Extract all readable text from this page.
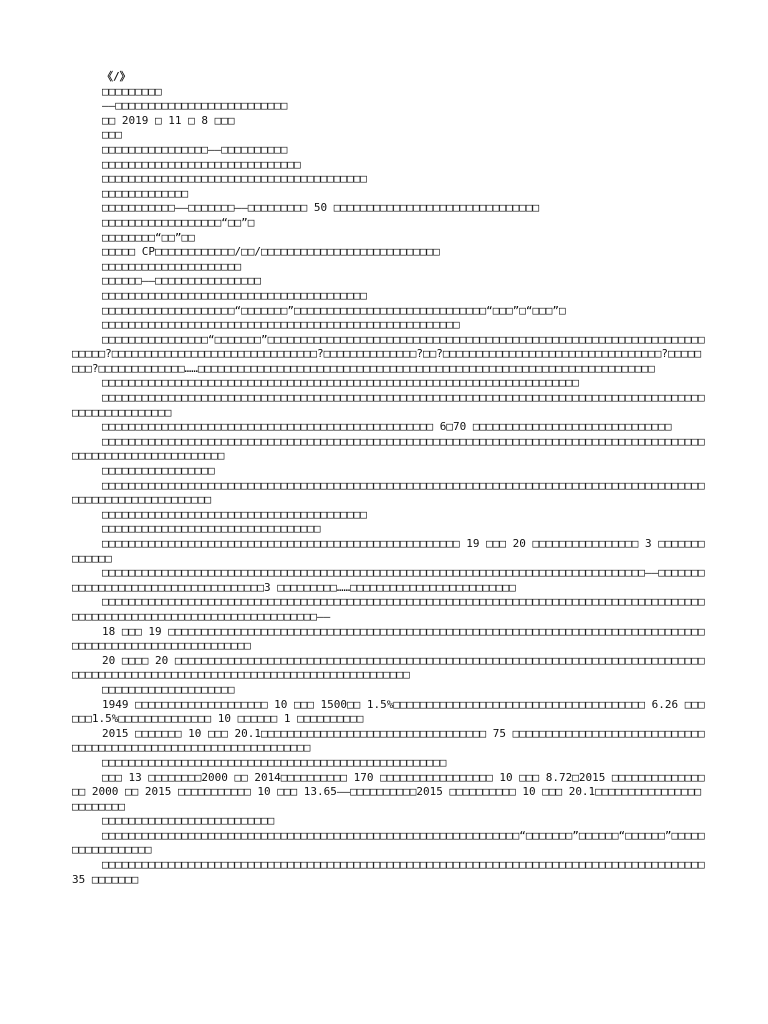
《/》

□□□□□□□□□

——□□□□□□□□□□□□□□□□□□□□□□□□□□

□□ 2019 □ 11 □ 8 □□□

□□□

□□□□□□□□□□□□□□□□——□□□□□□□□□□

□□□□□□□□□□□□□□□□□□□□□□□□□□□□□□

□□□□□□□□□□□□□□□□□□□□□□□□□□□□□□□□□□□□□□□□

□□□□□□□□□□□□□

□□□□□□□□□□□——□□□□□□□——□□□□□□□□□ 50 □□□□□□□□□□□□□□□□□□□□□□□□□□□□□□□

□□□□□□□□□□□□□□□□□□“□□”□

□□□□□□□□“□□”□□

□□□□□ CP□□□□□□□□□□□□/□□/□□□□□□□□□□□□□□□□□□□□□□□□□□□

□□□□□□□□□□□□□□□□□□□□□

□□□□□□——□□□□□□□□□□□□□□□□

□□□□□□□□□□□□□□□□□□□□□□□□□□□□□□□□□□□□□□□□

□□□□□□□□□□□□□□□□□□□□“□□□□□□□”□□□□□□□□□□□□□□□□□□□□□□□□□□□□□“□□□”□“□□□”□

□□□□□□□□□□□□□□□□□□□□□□□□□□□□□□□□□□□□□□□□□□□□□□□□□□□□□□

□□□□□□□□□□□□□□□□“□□□□□□□”□□□□□□□□□□□□□□□□□□□□□□□□□□□□□□□□□□□□□□□□□□□□□□□□□□□□□□□□□□□□□□□□□□□□□□□?□□□□□□□□□□□□□□□□□□□□□□□□□□□□□□□?□□□□□□□□□□□□□□?□□?□□□□□□□□□□□□□□□□□□□□□□□□□□□□□□□□□?□□□□□□□□?□□□□□□□□□□□□□……□□□□□□□□□□□□□□□□□□□□□□□□□□□□□□□□□□□□□□□□□□□□□□□□□□□□□□□□□□□□□□□□□□□□□

□□□□□□□□□□□□□□□□□□□□□□□□□□□□□□□□□□□□□□□□□□□□□□□□□□□□□□□□□□□□□□□□□□□□□□□□

□□□□□□□□□□□□□□□□□□□□□□□□□□□□□□□□□□□□□□□□□□□□□□□□□□□□□□□□□□□□□□□□□□□□□□□□□□□□□□□□□□□□□□□□□□□□□□□□□□□□□□□□□□

□□□□□□□□□□□□□□□□□□□□□□□□□□□□□□□□□□□□□□□□□□□□□□□□□□ 6□70 □□□□□□□□□□□□□□□□□□□□□□□□□□□□□□

□□□□□□□□□□□□□□□□□□□□□□□□□□□□□□□□□□□□□□□□□□□□□□□□□□□□□□□□□□□□□□□□□□□□□□□□□□□□□□□□□□□□□□□□□□□□□□□□□□□□□□□□□□□□□□□□□□

□□□□□□□□□□□□□□□□□

□□□□□□□□□□□□□□□□□□□□□□□□□□□□□□□□□□□□□□□□□□□□□□□□□□□□□□□□□□□□□□□□□□□□□□□□□□□□□□□□□□□□□□□□□□□□□□□□□□□□□□□□□□□□□□□□

□□□□□□□□□□□□□□□□□□□□□□□□□□□□□□□□□□□□□□□□

□□□□□□□□□□□□□□□□□□□□□□□□□□□□□□□□□

□□□□□□□□□□□□□□□□□□□□□□□□□□□□□□□□□□□□□□□□□□□□□□□□□□□□□□ 19 □□□ 20 □□□□□□□□□□□□□□□□ 3 □□□□□□□□□□□□□

□□□□□□□□□□□□□□□□□□□□□□□□□□□□□□□□□□□□□□□□□□□□□□□□□□□□□□□□□□□□□□□□□□□□□□□□□□□□□□□□□□——□□□□□□□□□□□□□□□□□□□□□□□□□□□□□□□□□□□□3 □□□□□□□□□……□□□□□□□□□□□□□□□□□□□□□□□□□

□□□□□□□□□□□□□□□□□□□□□□□□□□□□□□□□□□□□□□□□□□□□□□□□□□□□□□□□□□□□□□□□□□□□□□□□□□□□□□□□□□□□□□□□□□□□□□□□□□□□□□□□□□□□□□□□□□□□□□□□□□□□□□□□——

18 □□□ 19 □□□□□□□□□□□□□□□□□□□□□□□□□□□□□□□□□□□□□□□□□□□□□□□□□□□□□□□□□□□□□□□□□□□□□□□□□□□□□□□□□□□□□□□□□□□□□□□□□□□□□□□□□□□□

20 □□□□ 20 □□□□□□□□□□□□□□□□□□□□□□□□□□□□□□□□□□□□□□□□□□□□□□□□□□□□□□□□□□□□□□□□□□□□□□□□□□□□□□□□□□□□□□□□□□□□□□□□□□□□□□□□□□□□□□□□□□□□□□□□□□□□□□□□□□□

□□□□□□□□□□□□□□□□□□□□

1949 □□□□□□□□□□□□□□□□□□□□ 10 □□□ 1500□□ 1.5%□□□□□□□□□□□□□□□□□□□□□□□□□□□□□□□□□□□□□□ 6.26 □□□ □□□1.5%□□□□□□□□□□□□□□ 10 □□□□□□ 1 □□□□□□□□□□

2015 □□□□□□□ 10 □□□ 20.1□□□□□□□□□□□□□□□□□□□□□□□□□□□□□□□□□□ 75 □□□□□□□□□□□□□□□□□□□□□□□□□□□□□□□□□□□□□□□□□□□□□□□□□□□□□□□□□□□□□□□□□

□□□□□□□□□□□□□□□□□□□□□□□□□□□□□□□□□□□□□□□□□□□□□□□□□□□□

□□□ 13 □□□□□□□□2000 □□ 2014□□□□□□□□□□ 170 □□□□□□□□□□□□□□□□□ 10 □□□ 8.72□2015 □□□□□□□□□□□□□□□□ 2000 □□ 2015 □□□□□□□□□□□ 10 □□□ 13.65——□□□□□□□□□□2015 □□□□□□□□□□ 10 □□□ 20.1□□□□□□□□□□□□□□□□□□□□□□□□

□□□□□□□□□□□□□□□□□□□□□□□□□□

□□□□□□□□□□□□□□□□□□□□□□□□□□□□□□□□□□□□□□□□□□□□□□□□□□□□□□□□□□□□□□□“□□□□□□□”□□□□□□“□□□□□□”□□□□□□□□□□□□□□□□□

□□□□□□□□□□□□□□□□□□□□□□□□□□□□□□□□□□□□□□□□□□□□□□□□□□□□□□□□□□□□□□□□□□□□□□□□□□□□□□□□□□□□□□□□□□□ 35 □□□□□□□
